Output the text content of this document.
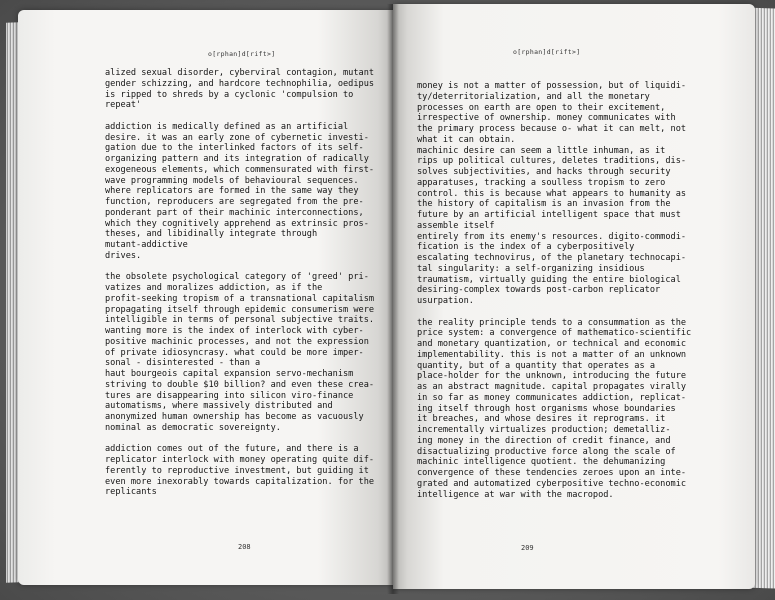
o[rphan]d[rift>]
alized sexual disorder, cyberviral contagion, mutant
gender schizzing, and hardcore technophilia, oedipus
is ripped to shreds by a cyclonic 'compulsion to
repeat'
addiction is medically defined as an artificial
desire. it was an early zone of cybernetic investi-
gation due to the interlinked factors of its self-
organizing pattern and its integration of radically
exogeneous elements, which commensurated with first-
wave programming models of behavioural sequences.
where replicators are formed in the same way they
function, reproducers are segregated from the pre-
ponderant part of their machinic interconnections,
which they cognitively apprehend as extrinsic pros-
theses, and libidinally integrate through
mutant-addictive
drives.
the obsolete psychological category of 'greed' pri-
vatizes and moralizes addiction, as if the
profit-seeking tropism of a transnational capitalism
propagating itself through epidemic consumerism were
intelligible in terms of personal subjective traits.
wanting more is the index of interlock with cyber-
positive machinic processes, and not the expression
of private idiosyncrasy. what could be more imper-
sonal - disinterested - than a
haut bourgeois capital expansion servo-mechanism
striving to double $10 billion? and even these crea-
tures are disappearing into silicon viro-finance
automatisms, where massively distributed and
anonymized human ownership has become as vacuously
nominal as democratic sovereignty.
addiction comes out of the future, and there is a
replicator interlock with money operating quite dif-
ferently to reproductive investment, but guiding it
even more inexorably towards capitalization. for the
replicants
208
o[rphan]d[rift>]
money is not a matter of possession, but of liquidi-
ty/deterritorialization, and all the monetary
processes on earth are open to their excitement,
irrespective of ownership. money communicates with
the primary process because o- what it can melt, not
what it can obtain.
machinic desire can seem a little inhuman, as it
rips up political cultures, deletes traditions, dis-
solves subjectivities, and hacks through security
apparatuses, tracking a soulless tropism to zero
control. this is because what appears to humanity as
the history of capitalism is an invasion from the
future by an artificial intelligent space that must
assemble itself
entirely from its enemy's resources. digito-commodi-
fication is the index of a cyberpositively
escalating technovirus, of the planetary technocapi-
tal singularity: a self-organizing insidious
traumatism, virtually guiding the entire biological
desiring-complex towards post-carbon replicator
usurpation.
the reality principle tends to a consummation as the
price system: a convergence of mathematico-scientific
and monetary quantization, or technical and economic
implementability. this is not a matter of an unknown
quantity, but of a quantity that operates as a
place-holder for the unknown, introducing the future
as an abstract magnitude. capital propagates virally
in so far as money communicates addiction, replicat-
ing itself through host organisms whose boundaries
it breaches, and whose desires it reprograms. it
incrementally virtualizes production; demetalliz-
ing money in the direction of credit finance, and
disactualizing productive force along the scale of
machinic intelligence quotient. the dehumanizing
convergence of these tendencies zeroes upon an inte-
grated and automatized cyberpositive techno-economic
intelligence at war with the macropod.
209
